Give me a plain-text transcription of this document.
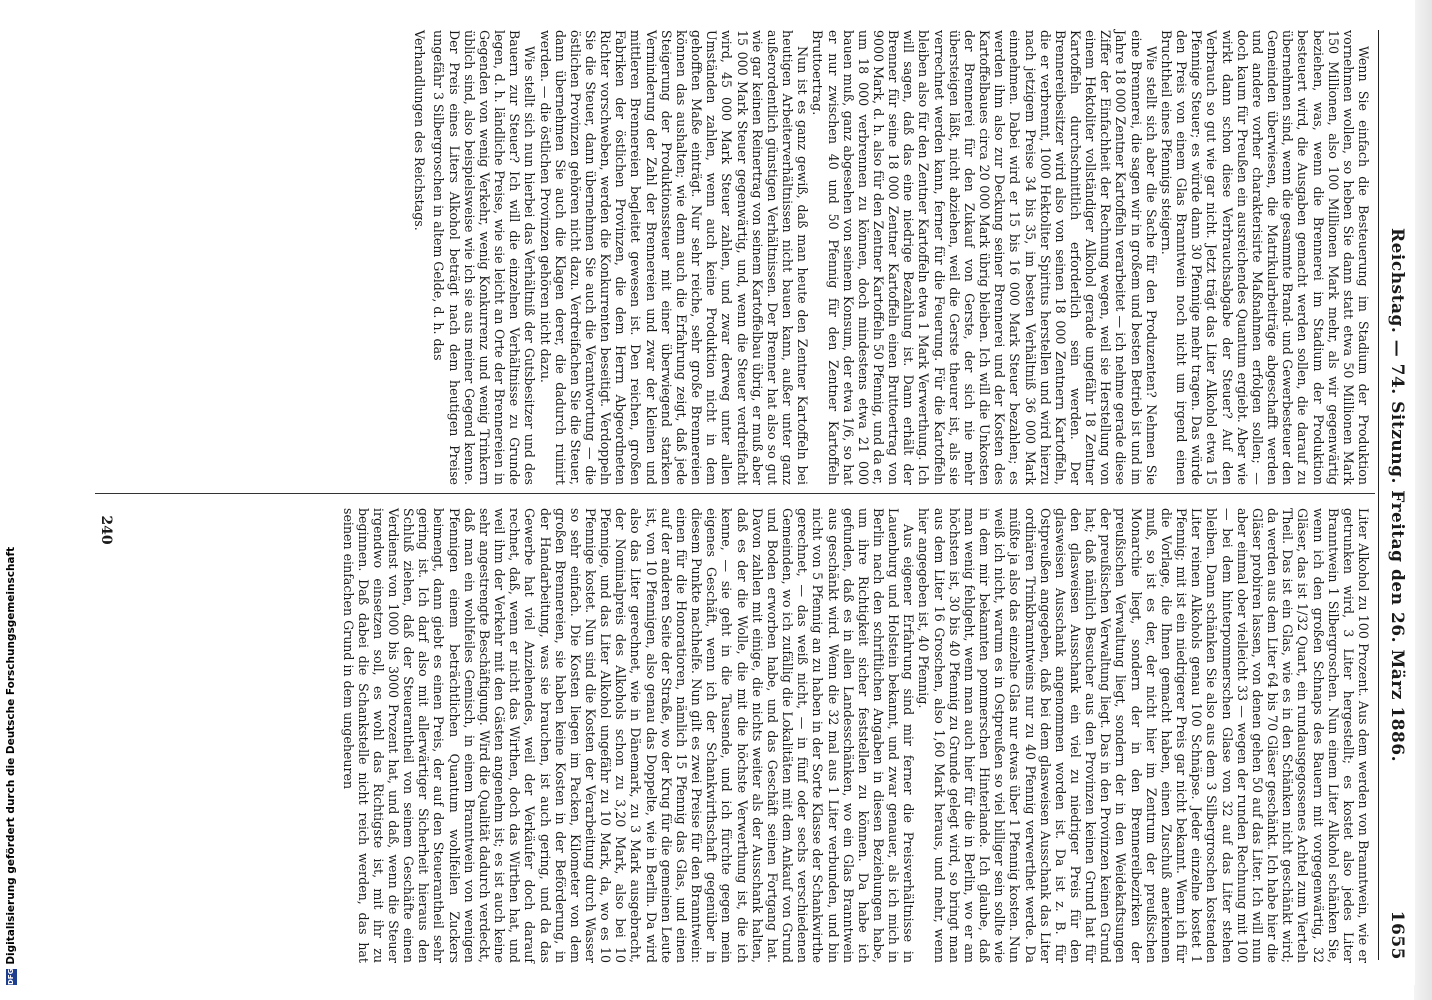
DFG
Digitalisierung gefördert durch die Deutsche Forschungsgemeinschaft	Reichstag. — 74. Sitzung. Freitag den 26. März 1886.
1655

Wenn Sie einfach die Besteuerung im Stadium der Produktion vornehmen wollen, so heben Sie dann statt etwa 50 Millionen Mark 150 Millionen, also 100 Millionen Mark mehr, als wir gegenwärtig beziehen, was, wenn die Brennerei im Stadium der Produktion besteuert wird, die Ausgaben gemacht werden sollen, die darauf zu übernehmen sind, wenn die gesammte Brand- und Gewerbesteuer den Gemeinden überwiesen, die Matrikularbeiträge abgeschafft werden und andere vorher charakterisirte Maßnahmen erfolgen sollen; — doch kaum für Preußen ein ausreichendes Quantum ergiebt. Aber wie wirkt dann schon diese Verbrauchsabgabe der Steuer? Auf den Verbrauch so gut wie gar nicht. Jetzt trägt das Liter Alkohol etwa 15 Pfennige Steuer; es würde dann 30 Pfennige mehr tragen. Das würde den Preis von einem Glas Branntwein noch nicht um irgend einen Bruchtheil eines Pfennigs steigern.

Wie stellt sich aber die Sache für den Produzenten? Nehmen Sie eine Brennerei, die sagen wir in großem und besten Betrieb ist und im Jahre 18 000 Zentner Kartoffeln verarbeitet — ich nehme gerade diese Ziffer der Einfachheit der Rechnung wegen, weil sie Herstellung von einem Hektoliter vollständiger Alkohol gerade ungefähr 18 Zentner Kartoffeln durchschnittlich erforderlich sein werden. Der Brennereibesitzer wird also von seinen 18 000 Zentnern Kartoffeln, die er verbrennt, 1000 Hektoliter Spiritus herstellen und wird hierzu nach jetzigem Preise 34 bis 35, im besten Verhältniß 36 000 Mark einnehmen. Dabei wird er 15 bis 16 000 Mark Steuer bezahlen; es werden ihm also zur Deckung seiner Brennerei und der Kosten des Kartoffelbaues circa 20 000 Mark übrig bleiben. Ich will die Unkosten der Brennerei für den Zukauf von Gerste, der sich nie mehr übersteigen läßt, nicht abziehen, weil die Gerste theurer ist, als sie verrechnet werden kann, ferner für die Feuerung. Für die Kartoffeln bleiben also für den Zentner Kartoffeln etwa 1 Mark Verwerthung. Ich will sagen, daß das eine niedrige Bezahlung ist. Dann erhält der Brenner für seine 18 000 Zentner Kartoffeln einen Bruttoertrag von 9000 Mark, d. h. also für den Zentner Kartoffeln 50 Pfennig, und da er, um 18 000 verbrennen zu können, doch mindestens etwa 21 000 bauen muß, ganz abgesehen von seinem Konsum, der etwa 1/6, so hat er nur zwischen 40 und 50 Pfennig für den Zentner Kartoffeln Bruttoertrag.

Nun ist es ganz gewiß, daß man heute den Zentner Kartoffeln bei heutigen Arbeiterverhältnissen nicht bauen kann, außer unter ganz außerordentlich günstigen Verhältnissen. Der Brenner hat also so gut wie gar keinen Reinertrag von seinem Kartoffelbau übrig, er muß aber 15 000 Mark Steuer gegenwärtig, und, wenn die Steuer verdreifacht wird, 45 000 Mark Steuer zahlen, und zwar derweg unter allen Umständen zahlen, wenn auch keine Produktion nicht in dem gehofften Maße einträgt. Nur sehr reiche, sehr große Brennereien können das aushalten; wie denn auch die Erfahrung zeigt, daß jede Steigerung der Produktionssteuer mit einer überwiegend starken Verminderung der Zahl der Brennereien und zwar der kleinen und mittleren Brennereien begleitet gewesen ist. Den reichen, großen Fabriken der östlichen Provinzen, die dem Herrn Abgeordneten Richter vorschweben, werden die Konkurrenten beseitigt. Verdoppeln Sie die Steuer, dann übernehmen Sie auch die Verantwortung — die östlichen Provinzen gehören nicht dazu. Verdreifachen Sie die Steuer, dann übernehmen Sie auch die Klagen derer, die dadurch ruinirt werden. — die östlichen Provinzen gehören nicht dazu.

Wie stellt sich nun hierbei das Verhältniß der Gutsbesitzer und des Bauern zur Steuer? Ich will die einzelnen Verhältnisse zu Grunde legen, d. h. ländliche Preise, wie sie leicht an Orte der Brennereien in Gegenden von wenig Verkehr, wenig Konkurrenz und wenig Trinkern üblich sind, also beispielsweise wie ich sie aus meiner Gegend kenne. Der Preis eines Liters Alkohol beträgt nach dem heutigen Preise ungefähr 3 Silbergroschen in altem Gelde, d. h. das

Verhandlungen des Reichstags.

Liter Alkohol zu 100 Prozent. Aus dem werden von Branntwein, wie er getrunken wird, 3 Liter hergestellt; es kostet also jedes Liter Branntwein 1 Silbergroschen. Nun einem Liter Alkohol schänken Sie, wenn ich den großen Schnaps des Bauern mit vorgegenwärtig, 32 Gläser, das ist 1/32 Quart, ein rundausgegossenes Achtel zum Vierteln Theil. Das ist ein Glas, wie es in den Schänken nicht geschänkt wird; da werden aus dem Liter 64 bis 70 Gläser geschänkt. Ich habe hier die Gläser probiren lassen, von denen gehen 50 auf das Liter. Ich will nun aber einmal ober vielleicht 33 — wegen der runden Rechnung mit 100 — bei dem hinterpommerschen Glase von 32 auf das Liter stehen bleiben. Dann schänken Sie also aus dem 3 Silbergroschen kostenden Liter reinen Alkohols genau 100 Schnäpse. Jeder einzelne kostet 1 Pfennig; mit ist ein niedrigerer Preis gar nicht bekannt. Wenn ich für die Vorlage, die Ihnen gemacht haben, einen Zuschuß anerkennen muß, so ist es der, der nicht hier im Zentrum der preußischen Monarchie liegt, sondern der in den Brennereibezirken der preußischen Verwaltung liegt, sondern der in den Weidekaftsungen der preußischen Verwaltung liegt. Das in den Provinzen keinen Grund hat; daß nämlich Besucher aus den Provinzen keinen Grund hat für den glasweisen Ausschank ein viel zu niedriger Preis für den glasweisen Ausschank angenommen worden ist. Da ist z. B. für Ostpreußen angegeben, daß bei dem glasweisen Ausschank das Liter ordinären Trinkbranntweins nur zu 40 Pfennig verwerthet werde. Da müßte ja also das einzelne Glas nur etwas über 1 Pfennig kosten. Nun weiß ich nicht, warum es in Ostpreußen so viel billiger sein sollte wie in dem mir bekannten pommerschen Hinterlande. Ich glaube, daß man wenig fehlgeht, wenn man auch hier für die in Berlin, wo er am höchsten ist, 30 bis 40 Pfennig zu Grunde gelegt wird, so bringt man aus dem Liter 16 Groschen, also 1,60 Mark heraus, und mehr, wenn hier angegeben ist, 40 Pfennig.

Aus eigener Erfahrung sind mir ferner die Preisverhältnisse in Lauenburg und Holstein bekannt, und zwar genauer, als ich mich in Berlin nach den schriftlichen Angaben in diesen Beziehungen habe, um ihre Richtigkeit sicher feststellen zu können. Da habe ich gefunden, daß es in allen Landesschänken, wo ein Glas Branntwein aus geschänkt wird. Wenn die 32 mal aus 1 Liter verbunden, und bin nicht von 5 Pfennig an zu haben in der Sorte Klasse der Schankwirthe gerechnet, — das weiß nicht, — in fünf oder sechs verschiedenen Gemeinden, wo ich zufällig die Lokalitäten mit dem Ankauf von Grund und Boden erworben habe, und das Geschäft seinen Fortgang hat. Davon zahlen mit einige, die nichts weiter als der Ausschank halten, daß es der die Wolle, die mit die höchste Verwerthung ist, die ich kenne, — sie geht in die Tausende, und ich fürchte gegen mein eigenes Geschäft, wenn ich der Schankwirthschaft gegenüber in diesem Punkte nachhelfe. Nun gilt es zwei Preise für den Branntwein: einen für die Honoratioren, nämlich 15 Pfennig das Glas, und einen auf der anderen Seite der Straße, wo der Krug für die gemeinen Leute ist, von 10 Pfennigen, also genau das Doppelte, wie in Berlin. Da wird also das Liter gerechnet, wie in Dänemark, zu 3 Mark ausgebracht, der Nominalpreis des Alkohols schon zu 3,20 Mark, also bei 10 Pfennige, und das Liter Alkohol ungefähr zu 10 Mark, da, wo es 10 Pfennige kostet. Nun sind die Kosten der Verarbeitung durch Wasser so sehr einfach. Die Kosten liegen im Packen, Kilometer von dem großen Brennereien, sie haben keine Kosten in der Beförderung, in der Handarbeitung, was sie brauchen, ist auch gering, und da das Gewerbe hat viel Anziehendes, weil der Verkäufer doch darauf rechnet, daß, wenn er nicht das Wirthen, doch das Wirthen hat, und weil ihm der Verkehr mit den Gästen angenehm ist; es ist auch keine sehr angestrengte Beschäftigung. Wird die Qualität dadurch verdeckt, daß man ein wohlfeiles Gemisch, in einem Branntwein von wenigen Pfennigen einem beträchtlichen Quantum wohlfeilen Zuckers beimengt, dann giebt es einen Preis, der auf den Steuerantheil sehr gering ist. Ich darf also mit allerwärtiger Sicherheit hieraus den Schluß ziehen, daß der Steuerantheil von seinem Geschäfte einen Verdienst von 1000 bis 3000 Prozent hat, und daß, wenn die Steuer irgendwo einsetzen soll, es wohl das Richtigste ist, mit ihr zu beginnen. Daß dabei die Schankstelle nicht reich werden, das hat seinen einfachen Grund in dem ungeheuren

240
